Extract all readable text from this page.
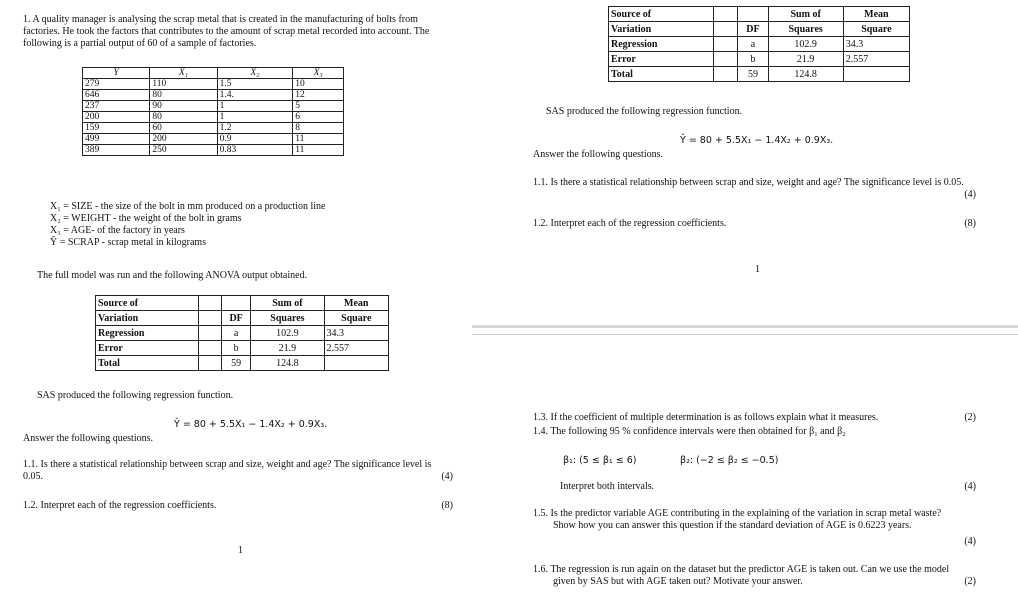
1. A quality manager is analysing the scrap metal that is created in the manufacturing of bolts from factories. He took the factors that contributes to the amount of scrap metal recorded into account. The following is a partial output of 60 of a sample of factories.
Y	X₁	X₂	X₃
279	110	1.5	10
646	80	1.4.	12
237	90	1	5
200	80	1	6
159	60	1.2	8
499	200	0.9	11
389	250	0.83	11
X₁ = SIZE - the size of the bolt in mm produced on a production line
X₂ = WEIGHT - the weight of the bolt in grams
X₃ = AGE- of the factory in years
Ŷ = SCRAP - scrap metal in kilograms
The full model was run and the following ANOVA output obtained.
Source of			Sum of	Mean
Variation		DF	Squares	Square
Regression		a	102.9	34.3
Error		b	21.9	2.557
Total		59	124.8	
SAS produced the following regression function.
Ŷ = 80 + 5.5X₁ − 1.4X₂ + 0.9X₃.
Answer the following questions.
1.1. Is there a statistical relationship between scrap and size, weight and age? The significance level is 0.05.	(4)
1.2. Interpret each of the regression coefficients.	(8)
1
Source of			Sum of	Mean
Variation		DF	Squares	Square
Regression		a	102.9	34.3
Error		b	21.9	2.557
Total		59	124.8	
SAS produced the following regression function.
Ŷ = 80 + 5.5X₁ − 1.4X₂ + 0.9X₃.
Answer the following questions.
1.1. Is there a statistical relationship between scrap and size, weight and age? The significance level is 0.05.
(4)
1.2. Interpret each of the regression coefficients.	(8)
1
1.3. If the coefficient of multiple determination is as follows explain what it measures.	(2)
1.4. The following 95 % confidence intervals were then obtained for β₁ and β₂
β₁: (5 ≤ β₁ ≤ 6)	β₂: (−2 ≤ β₂ ≤ −0.5)
Interpret both intervals.	(4)
1.5. Is the predictor variable AGE contributing in the explaining of the variation in scrap metal waste? Show how you can answer this question if the standard deviation of AGE is 0.6223 years.
(4)
1.6. The regression is run again on the dataset but the predictor AGE is taken out. Can we use the model given by SAS but with AGE taken out? Motivate your answer.	(2)
